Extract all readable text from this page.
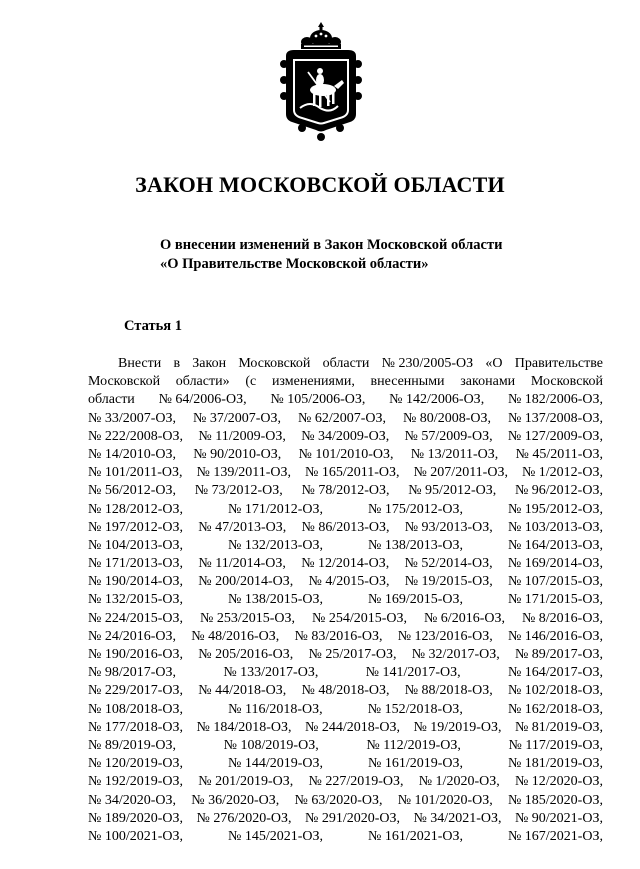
ЗАКОН МОСКОВСКОЙ ОБЛАСТИ
О внесении изменений в Закон Московской области
«О Правительстве Московской области»
Статья 1
Внести в Закон Московской области № 230/2005-ОЗ «О Правительстве
Московской области» (с изменениями, внесенными законами Московской
области № 64/2006-ОЗ, № 105/2006-ОЗ, № 142/2006-ОЗ, № 182/2006-ОЗ,
№ 33/2007-ОЗ, № 37/2007-ОЗ, № 62/2007-ОЗ, № 80/2008-ОЗ, № 137/2008-ОЗ,
№ 222/2008-ОЗ, № 11/2009-ОЗ, № 34/2009-ОЗ, № 57/2009-ОЗ, № 127/2009-ОЗ,
№ 14/2010-ОЗ, № 90/2010-ОЗ, № 101/2010-ОЗ, № 13/2011-ОЗ, № 45/2011-ОЗ,
№ 101/2011-ОЗ, № 139/2011-ОЗ, № 165/2011-ОЗ, № 207/2011-ОЗ, № 1/2012-ОЗ,
№ 56/2012-ОЗ, № 73/2012-ОЗ, № 78/2012-ОЗ, № 95/2012-ОЗ, № 96/2012-ОЗ,
№ 128/2012-ОЗ,	№ 171/2012-ОЗ,	№ 175/2012-ОЗ,	№ 195/2012-ОЗ,
№ 197/2012-ОЗ, № 47/2013-ОЗ, № 86/2013-ОЗ, № 93/2013-ОЗ, № 103/2013-ОЗ,
№ 104/2013-ОЗ,	№ 132/2013-ОЗ,	№ 138/2013-ОЗ,	№ 164/2013-ОЗ,
№ 171/2013-ОЗ, № 11/2014-ОЗ, № 12/2014-ОЗ, № 52/2014-ОЗ, № 169/2014-ОЗ,
№ 190/2014-ОЗ, № 200/2014-ОЗ, № 4/2015-ОЗ, № 19/2015-ОЗ, № 107/2015-ОЗ,
№ 132/2015-ОЗ,	№ 138/2015-ОЗ,	№ 169/2015-ОЗ,	№ 171/2015-ОЗ,
№ 224/2015-ОЗ, № 253/2015-ОЗ, № 254/2015-ОЗ, № 6/2016-ОЗ, № 8/2016-ОЗ,
№ 24/2016-ОЗ, № 48/2016-ОЗ, № 83/2016-ОЗ, № 123/2016-ОЗ, № 146/2016-ОЗ,
№ 190/2016-ОЗ, № 205/2016-ОЗ, № 25/2017-ОЗ, № 32/2017-ОЗ, № 89/2017-ОЗ,
№ 98/2017-ОЗ,	№ 133/2017-ОЗ,	№ 141/2017-ОЗ,	№ 164/2017-ОЗ,
№ 229/2017-ОЗ, № 44/2018-ОЗ, № 48/2018-ОЗ, № 88/2018-ОЗ, № 102/2018-ОЗ,
№ 108/2018-ОЗ,	№ 116/2018-ОЗ,	№ 152/2018-ОЗ,	№ 162/2018-ОЗ,
№ 177/2018-ОЗ, № 184/2018-ОЗ, № 244/2018-ОЗ, № 19/2019-ОЗ, № 81/2019-ОЗ,
№ 89/2019-ОЗ,	№ 108/2019-ОЗ,	№ 112/2019-ОЗ,	№ 117/2019-ОЗ,
№ 120/2019-ОЗ,	№ 144/2019-ОЗ,	№ 161/2019-ОЗ,	№ 181/2019-ОЗ,
№ 192/2019-ОЗ, № 201/2019-ОЗ, № 227/2019-ОЗ, № 1/2020-ОЗ, № 12/2020-ОЗ,
№ 34/2020-ОЗ, № 36/2020-ОЗ, № 63/2020-ОЗ, № 101/2020-ОЗ, № 185/2020-ОЗ,
№ 189/2020-ОЗ, № 276/2020-ОЗ, № 291/2020-ОЗ, № 34/2021-ОЗ, № 90/2021-ОЗ,
№ 100/2021-ОЗ,	№ 145/2021-ОЗ,	№ 161/2021-ОЗ,	№ 167/2021-ОЗ,
